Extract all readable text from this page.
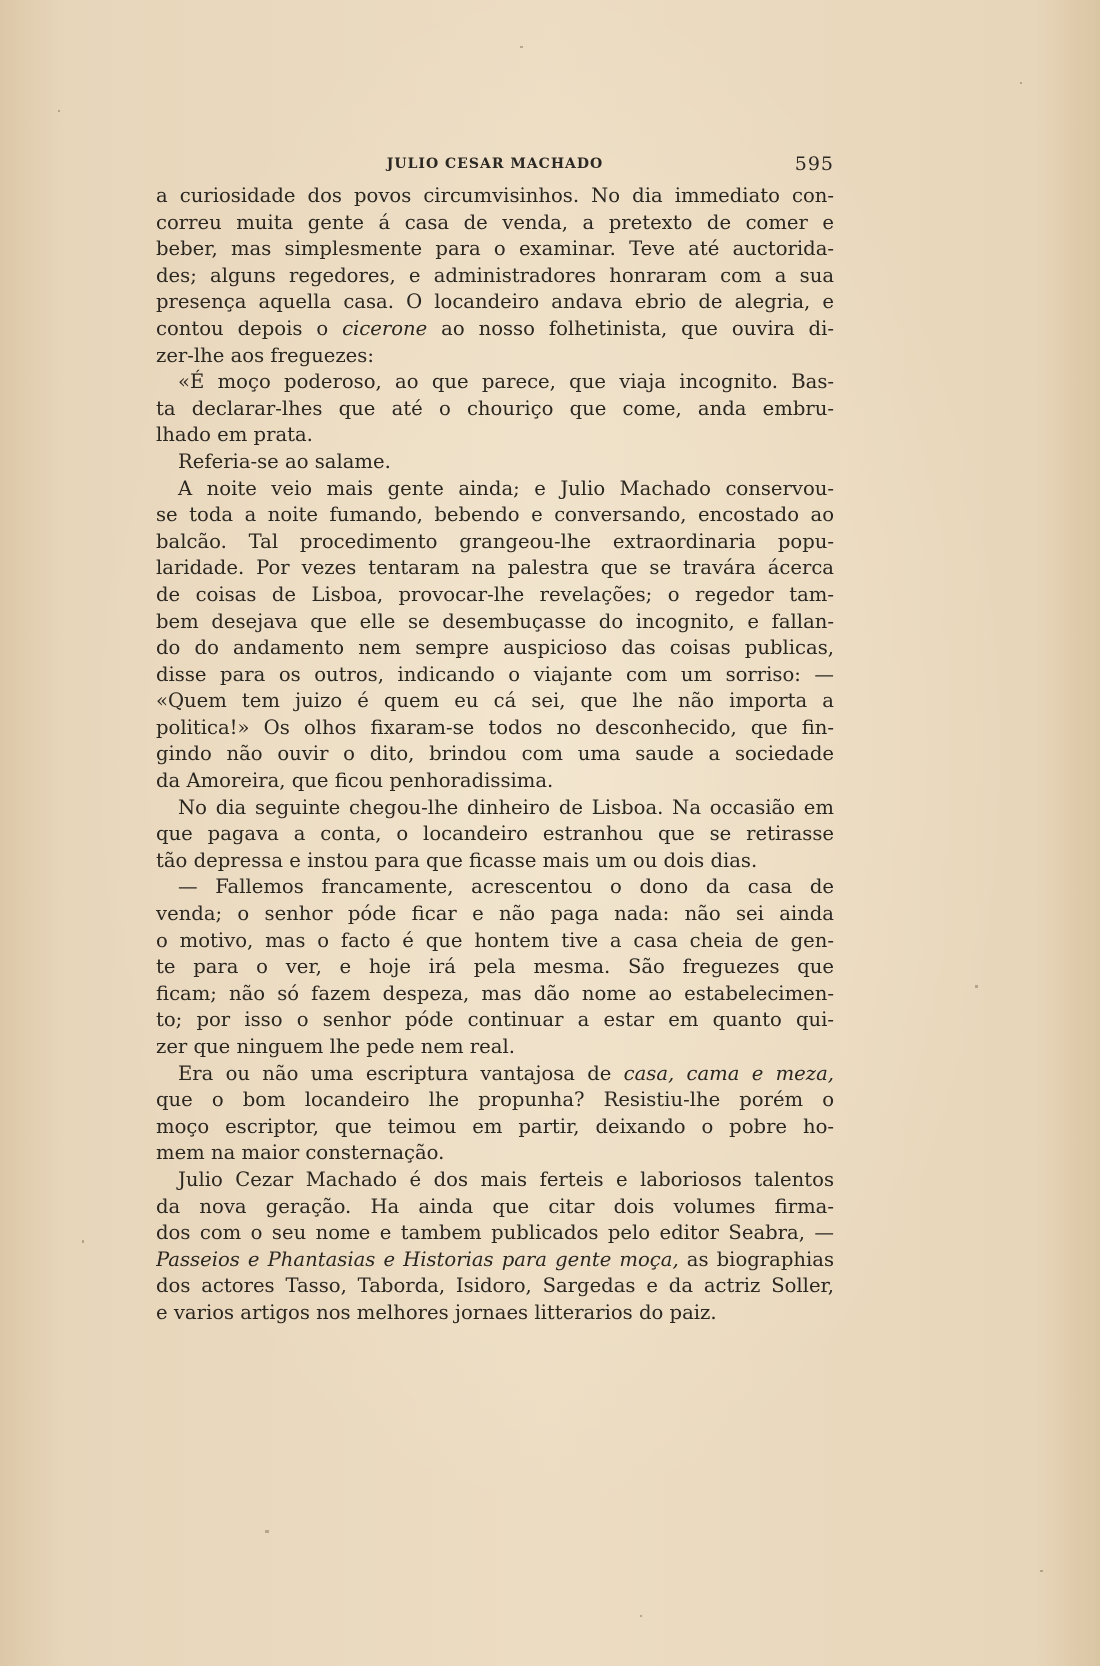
JULIO CESAR MACHADO	595
a curiosidade dos povos circumvisinhos. No dia immediato con-
correu muita gente á casa de venda, a pretexto de comer e
beber, mas simplesmente para o examinar. Teve até auctorida-
des; alguns regedores, e administradores honraram com a sua
presença aquella casa. O locandeiro andava ebrio de alegria, e
contou depois o cicerone ao nosso folhetinista, que ouvira di-
zer-lhe aos freguezes:
«É moço poderoso, ao que parece, que viaja incognito. Bas-
ta declarar-lhes que até o chouriço que come, anda embru-
lhado em prata.
Referia-se ao salame.
A noite veio mais gente ainda; e Julio Machado conservou-
se toda a noite fumando, bebendo e conversando, encostado ao
balcão. Tal procedimento grangeou-lhe extraordinaria popu-
laridade. Por vezes tentaram na palestra que se travára ácerca
de coisas de Lisboa, provocar-lhe revelações; o regedor tam-
bem desejava que elle se desembuçasse do incognito, e fallan-
do do andamento nem sempre auspicioso das coisas publicas,
disse para os outros, indicando o viajante com um sorriso: —
«Quem tem juizo é quem eu cá sei, que lhe não importa a
politica!» Os olhos fixaram-se todos no desconhecido, que fin-
gindo não ouvir o dito, brindou com uma saude a sociedade
da Amoreira, que ficou penhoradissima.
No dia seguinte chegou-lhe dinheiro de Lisboa. Na occasião em
que pagava a conta, o locandeiro estranhou que se retirasse
tão depressa e instou para que ficasse mais um ou dois dias.
— Fallemos francamente, acrescentou o dono da casa de
venda; o senhor póde ficar e não paga nada: não sei ainda
o motivo, mas o facto é que hontem tive a casa cheia de gen-
te para o ver, e hoje irá pela mesma. São freguezes que
ficam; não só fazem despeza, mas dão nome ao estabelecimen-
to; por isso o senhor póde continuar a estar em quanto qui-
zer que ninguem lhe pede nem real.
Era ou não uma escriptura vantajosa de casa, cama e meza,
que o bom locandeiro lhe propunha? Resistiu-lhe porém o
moço escriptor, que teimou em partir, deixando o pobre ho-
mem na maior consternação.
Julio Cezar Machado é dos mais ferteis e laboriosos talentos
da nova geração. Ha ainda que citar dois volumes firma-
dos com o seu nome e tambem publicados pelo editor Seabra, —
Passeios e Phantasias e Historias para gente moça, as biographias
dos actores Tasso, Taborda, Isidoro, Sargedas e da actriz Soller,
e varios artigos nos melhores jornaes litterarios do paiz.
